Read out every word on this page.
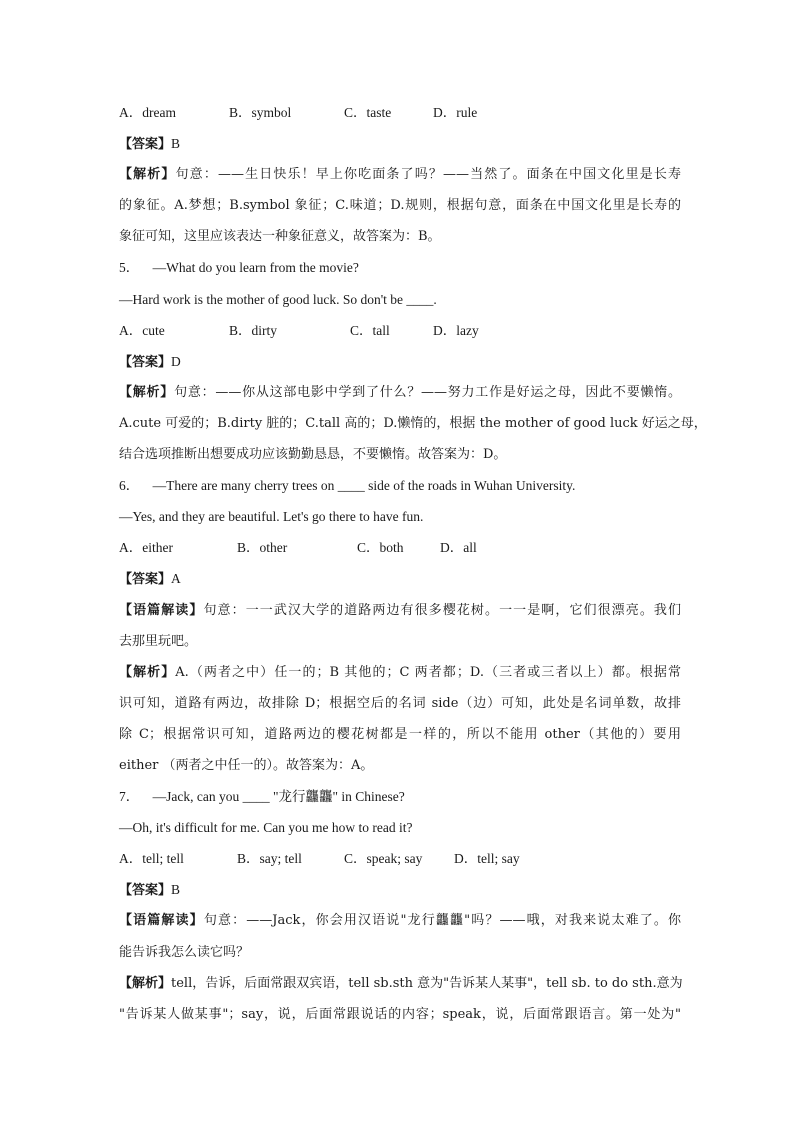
A．dream	B．symbol	C．taste	D．rule
【答案】B
【解析】句意：——生日快乐！早上你吃面条了吗？——当然了。面条在中国文化里是长寿
的象征。A.梦想；B.symbol 象征；C.味道；D.规则，根据句意，面条在中国文化里是长寿的
象征可知，这里应该表达一种象征意义，故答案为：B。
5． —What do you learn from the movie?
—Hard work is the mother of good luck. So don't be ____.
A．cute	B．dirty	C．tall	D．lazy
【答案】D
【解析】句意：——你从这部电影中学到了什么？——努力工作是好运之母，因此不要懒惰。
A.cute 可爱的；B.dirty 脏的；C.tall 高的；D.懒惰的，根据 the mother of good luck 好运之母，
结合选项推断出想要成功应该勤勤恳恳，不要懒惰。故答案为：D。
6． —There are many cherry trees on ____ side of the roads in Wuhan University.
—Yes, and they are beautiful. Let's go there to have fun.
A．either	B．other	C．both	D．all
【答案】A
【语篇解读】句意：一一武汉大学的道路两边有很多樱花树。一一是啊，它们很漂亮。我们
去那里玩吧。
【解析】A.（两者之中）任一的；B 其他的；C 两者都；D.（三者或三者以上）都。根据常
识可知，道路有两边，故排除 D；根据空后的名词 side（边）可知，此处是名词单数，故排
除 C；根据常识可知，道路两边的樱花树都是一样的，所以不能用 other（其他的）要用
either （两者之中任一的）。故答案为：A。
7． —Jack, can you ____ "龙行龘龘" in Chinese?
—Oh, it's difficult for me. Can you me how to read it?
A．tell; tell	B．say; tell	C．speak; say D．tell; say
【答案】B
【语篇解读】句意：——Jack，你会用汉语说"龙行龘龘"吗？——哦，对我来说太难了。你
能告诉我怎么读它吗？
【解析】tell，告诉，后面常跟双宾语，tell sb.sth 意为"告诉某人某事"，tell sb. to do sth.意为
"告诉某人做某事"；say，说，后面常跟说话的内容；speak，说，后面常跟语言。第一处为"
